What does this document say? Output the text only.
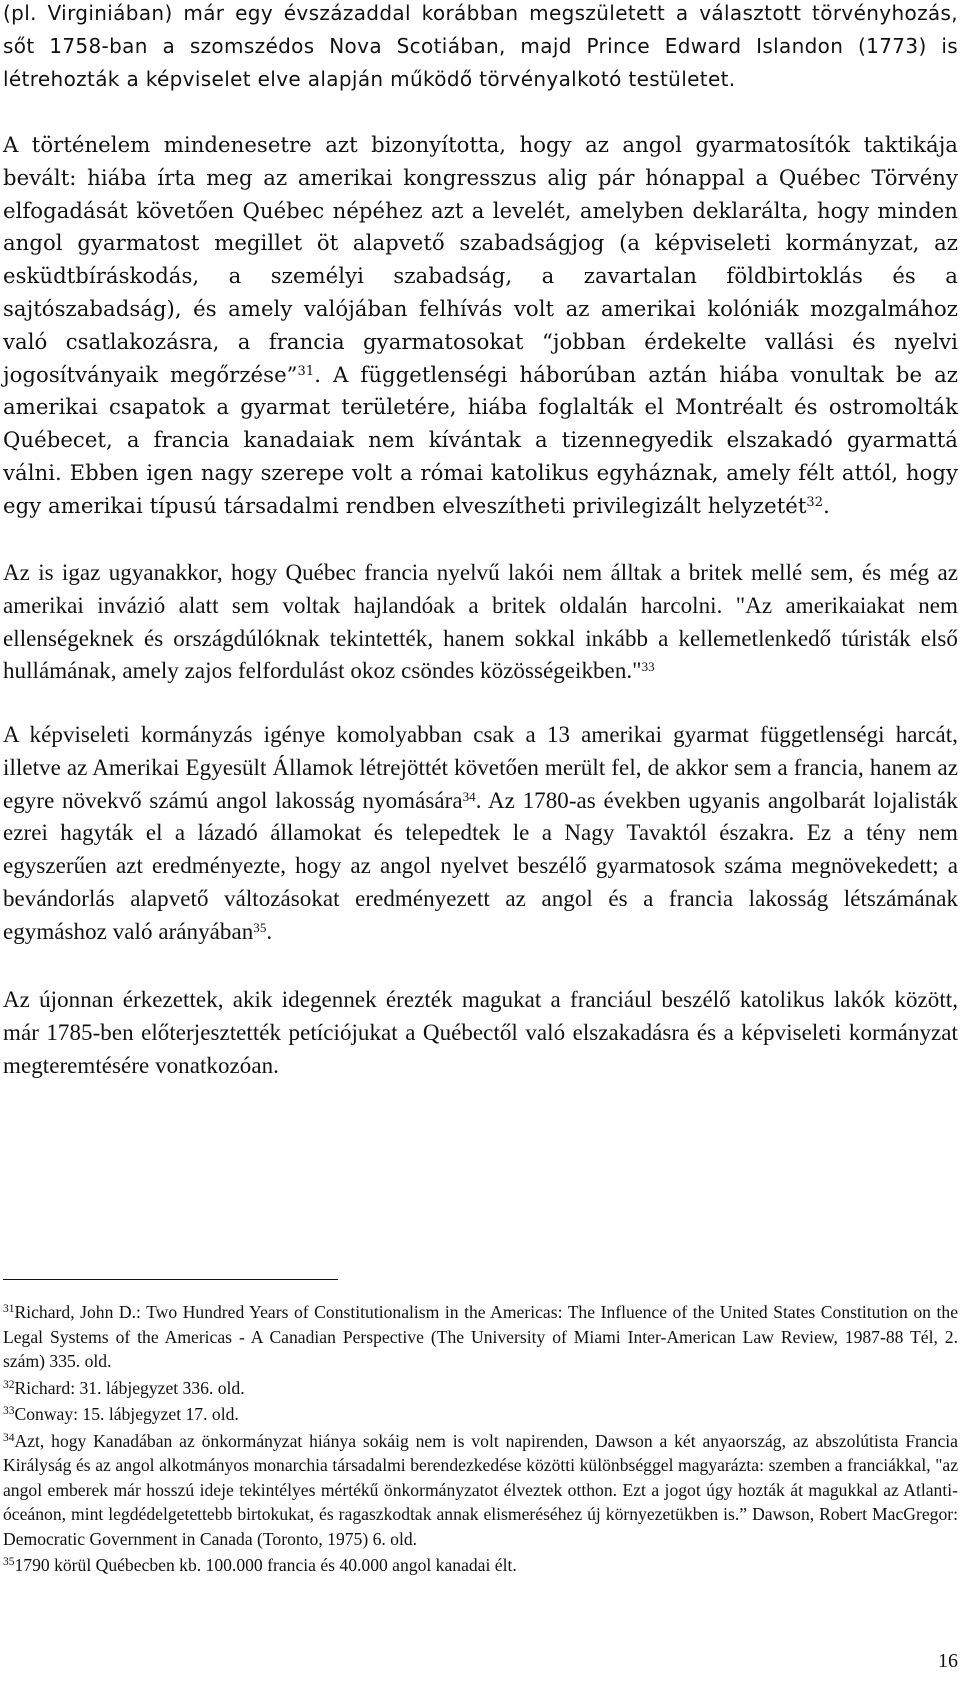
(pl. Virginiában) már egy évszázaddal korábban megszületett a választott törvényhozás, sőt 1758-ban a szomszédos Nova Scotiában, majd Prince Edward Islandon (1773) is létrehozták a képviselet elve alapján működő törvényalkotó testületet.

A történelem mindenesetre azt bizonyította, hogy az angol gyarmatosítók taktikája bevált: hiába írta meg az amerikai kongresszus alig pár hónappal a Québec Törvény elfogadását követően Québec népéhez azt a levelét, amelyben deklarálta, hogy minden angol gyarmatost megillet öt alapvető szabadságjog (a képviseleti kormányzat, az esküdtbíráskodás, a személyi szabadság, a zavartalan földbirtoklás és a sajtószabadság), és amely valójában felhívás volt az amerikai kolóniák mozgalmához való csatlakozásra, a francia gyarmatosokat “jobban érdekelte vallási és nyelvi jogosítványaik megőrzése”$^{31}$. A függetlenségi háborúban aztán hiába vonultak be az amerikai csapatok a gyarmat területére, hiába foglalták el Montréalt és ostromolták Québecet, a francia kanadaiak nem kívántak a tizennegyedik elszakadó gyarmattá válni. Ebben igen nagy szerepe volt a római katolikus egyháznak, amely félt attól, hogy egy amerikai típusú társadalmi rendben elveszítheti privilegizált helyzetét$^{32}$.

Az is igaz ugyanakkor, hogy Québec francia nyelvű lakói nem álltak a britek mellé sem, és még az amerikai invázió alatt sem voltak hajlandóak a britek oldalán harcolni. "Az amerikaiakat nem ellenségeknek és országdúlóknak tekintették, hanem sokkal inkább a kellemetlenkedő túristák első hullámának, amely zajos felfordulást okoz csöndes közösségeikben."$^{33}$

A képviseleti kormányzás igénye komolyabban csak a 13 amerikai gyarmat függetlenségi harcát, illetve az Amerikai Egyesült Államok létrejöttét követően merült fel, de akkor sem a francia, hanem az egyre növekvő számú angol lakosság nyomására$^{34}$. Az 1780-as években ugyanis angolbarát lojalisták ezrei hagyták el a lázadó államokat és telepedtek le a Nagy Tavaktól északra. Ez a tény nem egyszerűen azt eredményezte, hogy az angol nyelvet beszélő gyarmatosok száma megnövekedett; a bevándorlás alapvető változásokat eredményezett az angol és a francia lakosság létszámának egymáshoz való arányában$^{35}$.

Az újonnan érkezettek, akik idegennek érezték magukat a franciául beszélő katolikus lakók között, már 1785-ben előterjesztették petíciójukat a Québectől való elszakadásra és a képviseleti kormányzat megteremtésére vonatkozóan.

$^{31}$Richard, John D.: Two Hundred Years of Constitutionalism in the Americas: The Influence of the United States Constitution on the Legal Systems of the Americas - A Canadian Perspective (The University of Miami Inter-American Law Review, 1987-88 Tél, 2. szám) 335. old.
$^{32}$Richard: 31. lábjegyzet 336. old.
$^{33}$Conway: 15. lábjegyzet 17. old.
$^{34}$Azt, hogy Kanadában az önkormányzat hiánya sokáig nem is volt napirenden, Dawson a két anyaország, az abszolútista Francia Királyság és az angol alkotmányos monarchia társadalmi berendezkedése közötti különbséggel magyarázta: szemben a franciákkal, "az angol emberek már hosszú ideje tekintélyes mértékű önkormányzatot élveztek otthon. Ezt a jogot úgy hozták át magukkal az Atlanti-óceánon, mint legdédelgetettebb birtokukat, és ragaszkodtak annak elismeréséhez új környezetükben is.” Dawson, Robert MacGregor: Democratic Government in Canada (Toronto, 1975) 6. old.
$^{35}$1790 körül Québecben kb. 100.000 francia és 40.000 angol kanadai élt.
16
